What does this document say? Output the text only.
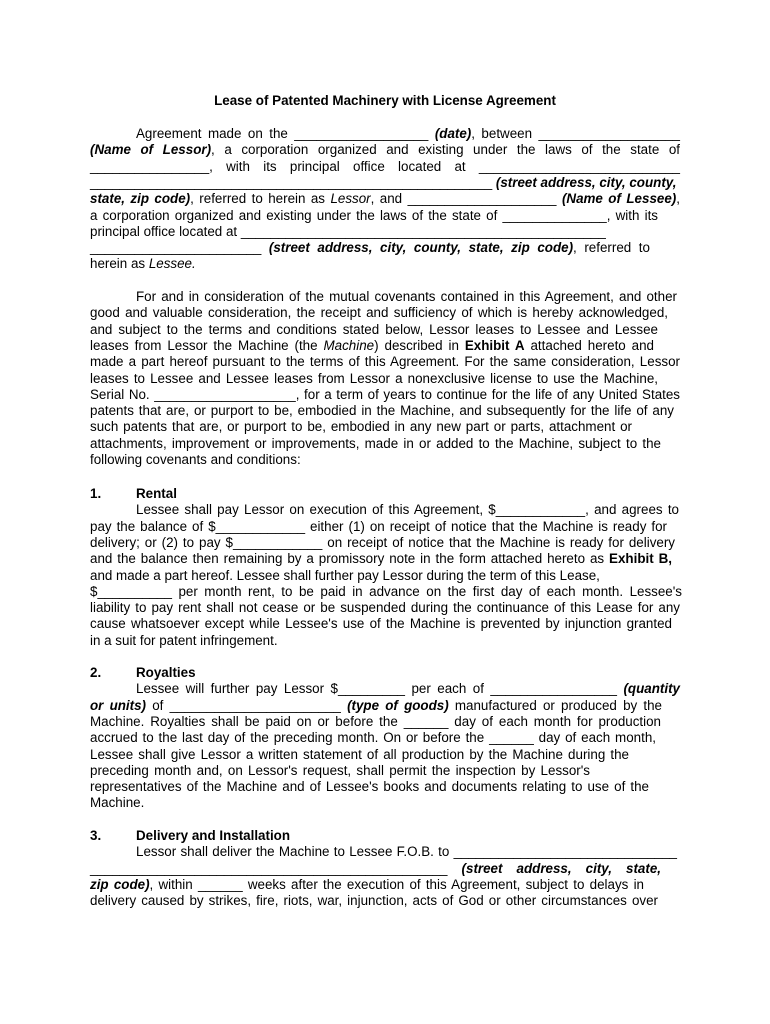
Lease of Patented Machinery with License Agreement
Agreement made on the __________________ (date), between ___________________
(Name of Lessor), a corporation organized and existing under the laws of the state of
________________, with its principal office located at ___________________________
______________________________________________________ (street address, city, county,
state, zip code), referred to herein as Lessor, and ____________________ (Name of Lessee),
a corporation organized and existing under the laws of the state of ______________, with its
principal office located at _________________________________________________
_______________________ (street address, city, county, state, zip code), referred to
herein as Lessee.
For and in consideration of the mutual covenants contained in this Agreement, and other
good and valuable consideration, the receipt and sufficiency of which is hereby acknowledged,
and subject to the terms and conditions stated below, Lessor leases to Lessee and Lessee
leases from Lessor the Machine (the Machine) described in Exhibit A attached hereto and
made a part hereof pursuant to the terms of this Agreement. For the same consideration, Lessor
leases to Lessee and Lessee leases from Lessor a nonexclusive license to use the Machine,
Serial No. ___________________, for a term of years to continue for the life of any United States
patents that are, or purport to be, embodied in the Machine, and subsequently for the life of any
such patents that are, or purport to be, embodied in any new part or parts, attachment or
attachments, improvement or improvements, made in or added to the Machine, subject to the
following covenants and conditions:
1.	Rental
Lessee shall pay Lessor on execution of this Agreement, $____________, and agrees to
pay the balance of $____________ either (1) on receipt of notice that the Machine is ready for
delivery; or (2) to pay $____________ on receipt of notice that the Machine is ready for delivery
and the balance then remaining by a promissory note in the form attached hereto as Exhibit B,
and made a part hereof. Lessee shall further pay Lessor during the term of this Lease,
$__________ per month rent, to be paid in advance on the first day of each month. Lessee's
liability to pay rent shall not cease or be suspended during the continuance of this Lease for any
cause whatsoever except while Lessee's use of the Machine is prevented by injunction granted
in a suit for patent infringement.
2.	Royalties
Lessee will further pay Lessor $_________ per each of _________________ (quantity
or units) of _______________________ (type of goods) manufactured or produced by the
Machine. Royalties shall be paid on or before the ______ day of each month for production
accrued to the last day of the preceding month. On or before the ______ day of each month,
Lessee shall give Lessor a written statement of all production by the Machine during the
preceding month and, on Lessor's request, shall permit the inspection by Lessor's
representatives of the Machine and of Lessee's books and documents relating to use of the
Machine.
3.	Delivery and Installation
Lessor shall deliver the Machine to Lessee F.O.B. to ______________________________
________________________________________________ (street address, city, state,
zip code), within ______ weeks after the execution of this Agreement, subject to delays in
delivery caused by strikes, fire, riots, war, injunction, acts of God or other circumstances over
